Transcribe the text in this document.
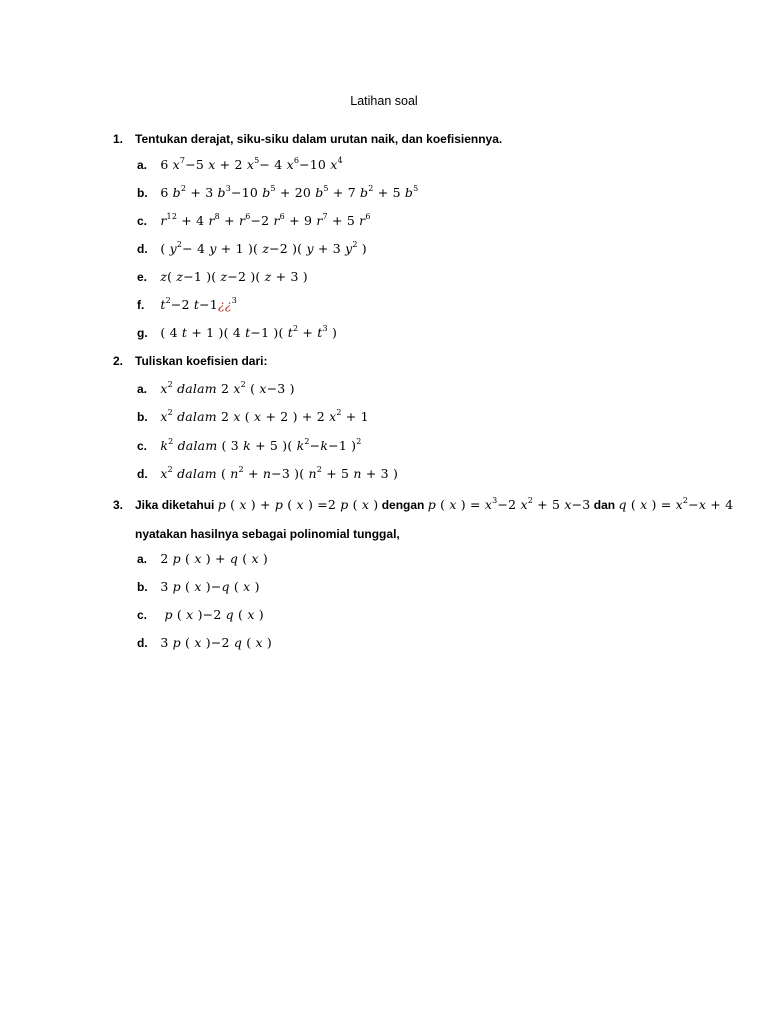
Latihan soal
1. Tentukan derajat, siku-siku dalam urutan naik, dan koefisiennya.
a. 6 $x^7-5$ x + 2 $x^5- 4$ $x^6-10$ $x^4$
b. 6 $b^2 + 3$ $b^3-10$ $b^5 + 20$ $b^5 + 7$ $b^2 + 5$ $b^5$
c. $r^{12} + 4$ $r^8 + r^6-2$ $r^6 + 9$ $r^7 + 5$ $r^6$
d. ( $y^2- 4$ y + 1 )( z−2 )( y + 3 $y^2$ )
e. z( z−1 )( z−2 )( z + 3 )
f. $t^2-2$ t−1¿¿$^3$
g. ( 4 t + 1 )( 4 t−1 )( $t^2 + t^3$ )
2. Tuliskan koefisien dari:
a. $x^2$ dalam 2 $x^2$ ( x−3 )
b. $x^2$ dalam 2 x ( x + 2 ) + 2 $x^2 + 1$
c. $k^2$ dalam ( 3 k + 5 )( $k^2-k-1$ )$^2$
d. $x^2$ dalam ( $n^2 + n-3$ )( $n^2 + 5$ n + 3 )
3. Jika diketahui p ( x ) + p ( x ) =2 p ( x ) dengan p ( x ) = $x^3-2$ $x^2 + 5$ x−3 dan q ( x ) = $x^2-x + 4$
nyatakan hasilnya sebagai polinomial tunggal,
a. 2 p ( x ) + q ( x )
b. 3 p ( x )−q ( x )
c. p ( x )−2 q ( x )
d. 3 p ( x )−2 q ( x )
